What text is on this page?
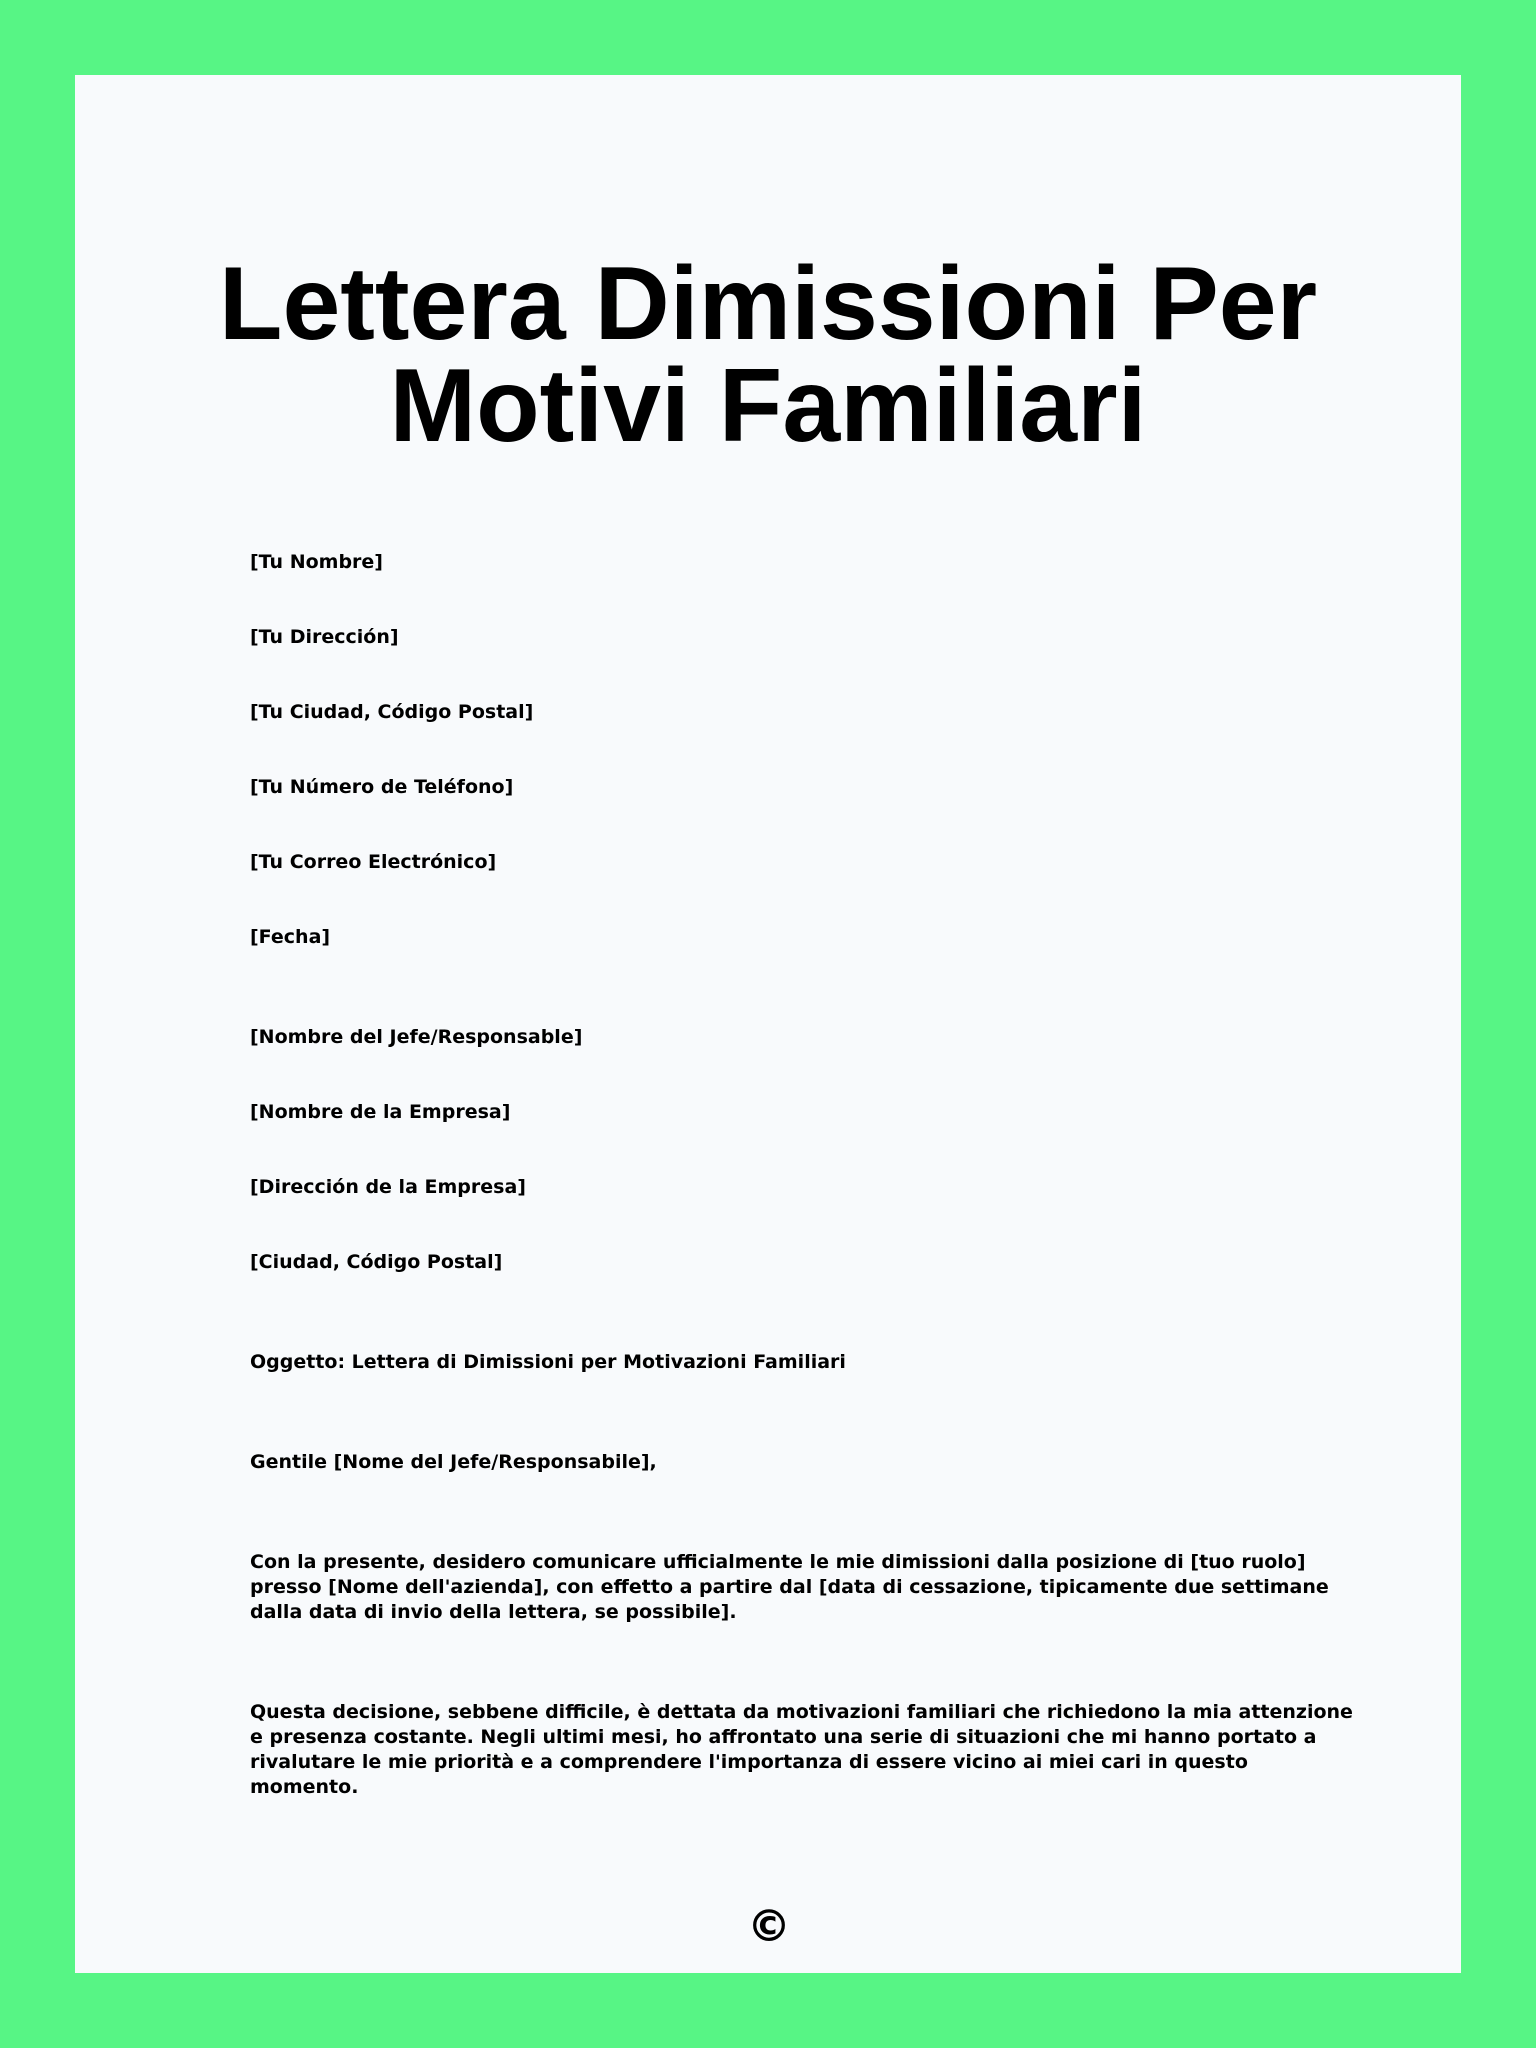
Lettera Dimissioni Per Motivi Familiari

[Tu Nombre]

[Tu Dirección]

[Tu Ciudad, Código Postal]

[Tu Número de Teléfono]

[Tu Correo Electrónico]

[Fecha]

[Nombre del Jefe/Responsable]

[Nombre de la Empresa]

[Dirección de la Empresa]

[Ciudad, Código Postal]

Oggetto: Lettera di Dimissioni per Motivazioni Familiari

Gentile [Nome del Jefe/Responsabile],

Con la presente, desidero comunicare ufficialmente le mie dimissioni dalla posizione di [tuo ruolo] presso [Nome dell'azienda], con effetto a partire dal [data di cessazione, tipicamente due settimane dalla data di invio della lettera, se possibile].

Questa decisione, sebbene difficile, è dettata da motivazioni familiari che richiedono la mia attenzione e presenza costante. Negli ultimi mesi, ho affrontato una serie di situazioni che mi hanno portato a rivalutare le mie priorità e a comprendere l'importanza di essere vicino ai miei cari in questo momento.

©
